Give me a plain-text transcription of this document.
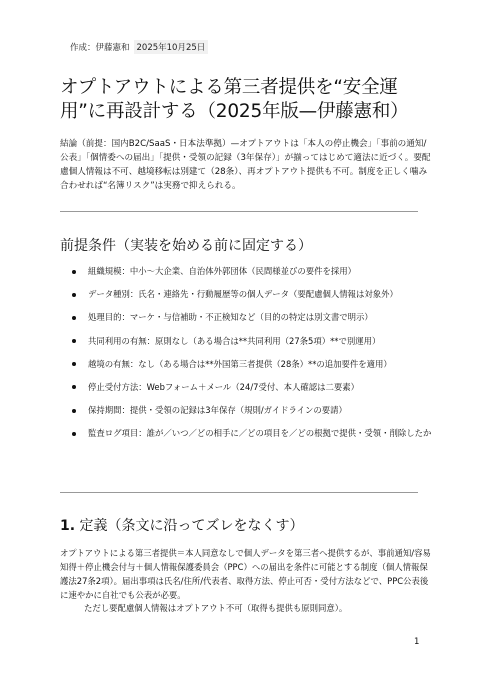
作成：伊藤憲和 2025年10月25日
オプトアウトによる第三者提供を“安全運用”に再設計する（2025年版—伊藤憲和）

結論（前提：国内B2C/SaaS・日本法準拠）—オプトアウトは「本人の停止機会」「事前の通知/公表」「個情委への届出」「提供・受領の記録（3年保存）」が揃ってはじめて適法に近づく。要配慮個人情報は不可、越境移転は別建て（28条）、再オプトアウト提供も不可。制度を正しく噛み合わせれば“名簿リスク”は実務で抑えられる。

前提条件（実装を始める前に固定する）
組織規模：中小〜大企業、自治体外郭団体（民間様並びの要件を採用）
データ種別：氏名・連絡先・行動履歴等の個人データ（要配慮個人情報は対象外）
処理目的：マーケ・与信補助・不正検知など（目的の特定は別文書で明示）
共同利用の有無：原則なし（ある場合は**共同利用（27条5項）**で別運用）
越境の有無：なし（ある場合は**外国第三者提供（28条）**の追加要件を適用）
停止受付方法：Webフォーム＋メール（24/7受付、本人確認は二要素）
保持期間：提供・受領の記録は3年保存（規則/ガイドラインの要請）
監査ログ項目：誰が／いつ／どの相手に／どの項目を／どの根拠で提供・受領・削除したか
1. 定義（条文に沿ってズレをなくす）

オプトアウトによる第三者提供＝本人同意なしで個人データを第三者へ提供するが、事前通知/容易知得＋停止機会付与＋個人情報保護委員会（PPC）への届出を条件に可能とする制度（個人情報保護法27条2項）。届出事項は氏名/住所/代表者、取得方法、停止可否・受付方法などで、PPC公表後に速やかに自社でも公表が必要。

ただし要配慮個人情報はオプトアウト不可（取得も提供も原則同意）。

1
